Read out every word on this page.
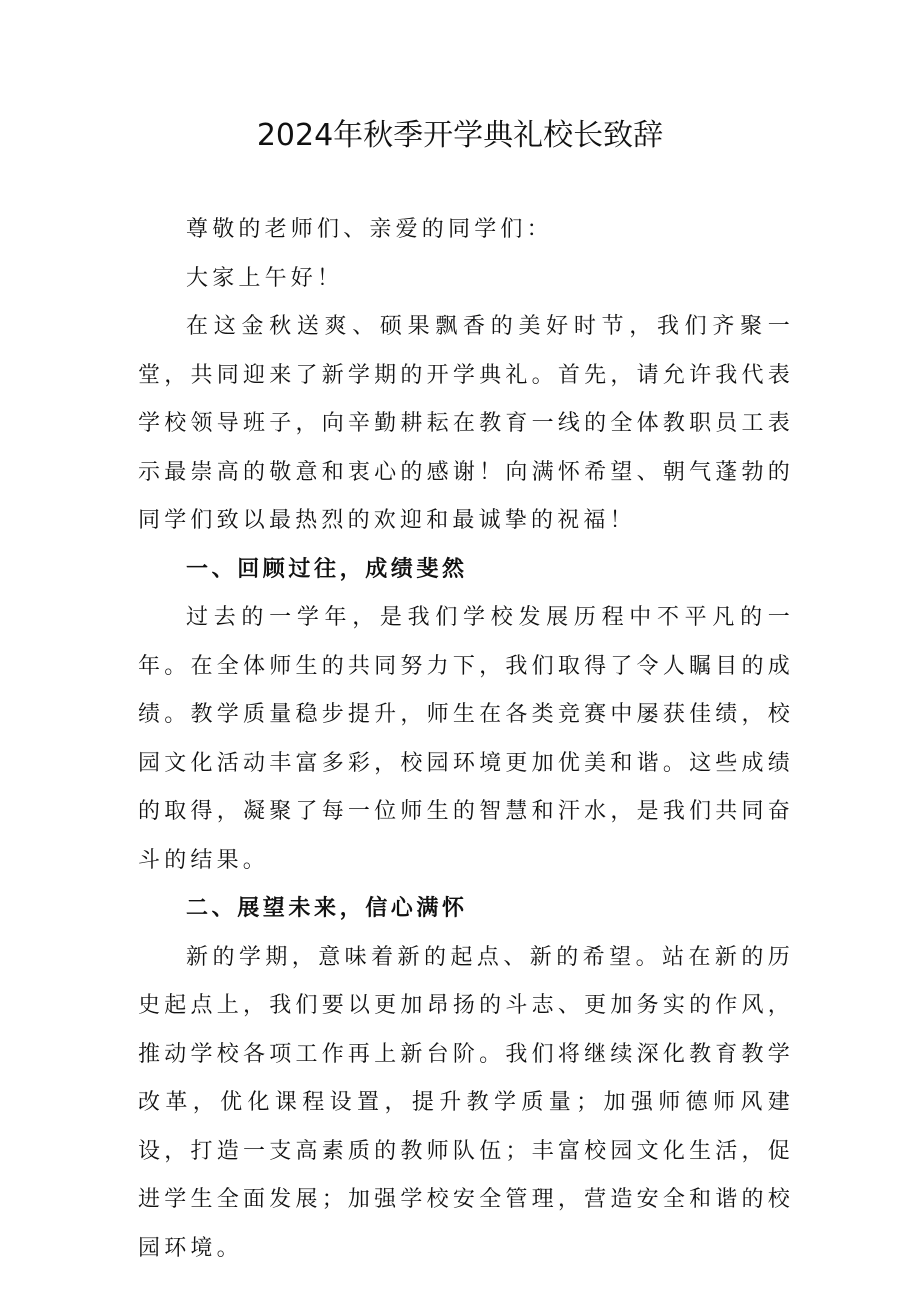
2024年秋季开学典礼校长致辞

尊敬的老师们、亲爱的同学们：

大家上午好！

在这金秋送爽、硕果飘香的美好时节，我们齐聚一堂，共同迎来了新学期的开学典礼。首先，请允许我代表学校领导班子，向辛勤耕耘在教育一线的全体教职员工表示最崇高的敬意和衷心的感谢！向满怀希望、朝气蓬勃的同学们致以最热烈的欢迎和最诚挚的祝福！

一、回顾过往，成绩斐然

过去的一学年，是我们学校发展历程中不平凡的一年。在全体师生的共同努力下，我们取得了令人瞩目的成绩。教学质量稳步提升，师生在各类竞赛中屡获佳绩，校园文化活动丰富多彩，校园环境更加优美和谐。这些成绩的取得，凝聚了每一位师生的智慧和汗水，是我们共同奋斗的结果。

二、展望未来，信心满怀

新的学期，意味着新的起点、新的希望。站在新的历史起点上，我们要以更加昂扬的斗志、更加务实的作风，推动学校各项工作再上新台阶。我们将继续深化教育教学改革，优化课程设置，提升教学质量；加强师德师风建设，打造一支高素质的教师队伍；丰富校园文化生活，促进学生全面发展；加强学校安全管理，营造安全和谐的校园环境。
